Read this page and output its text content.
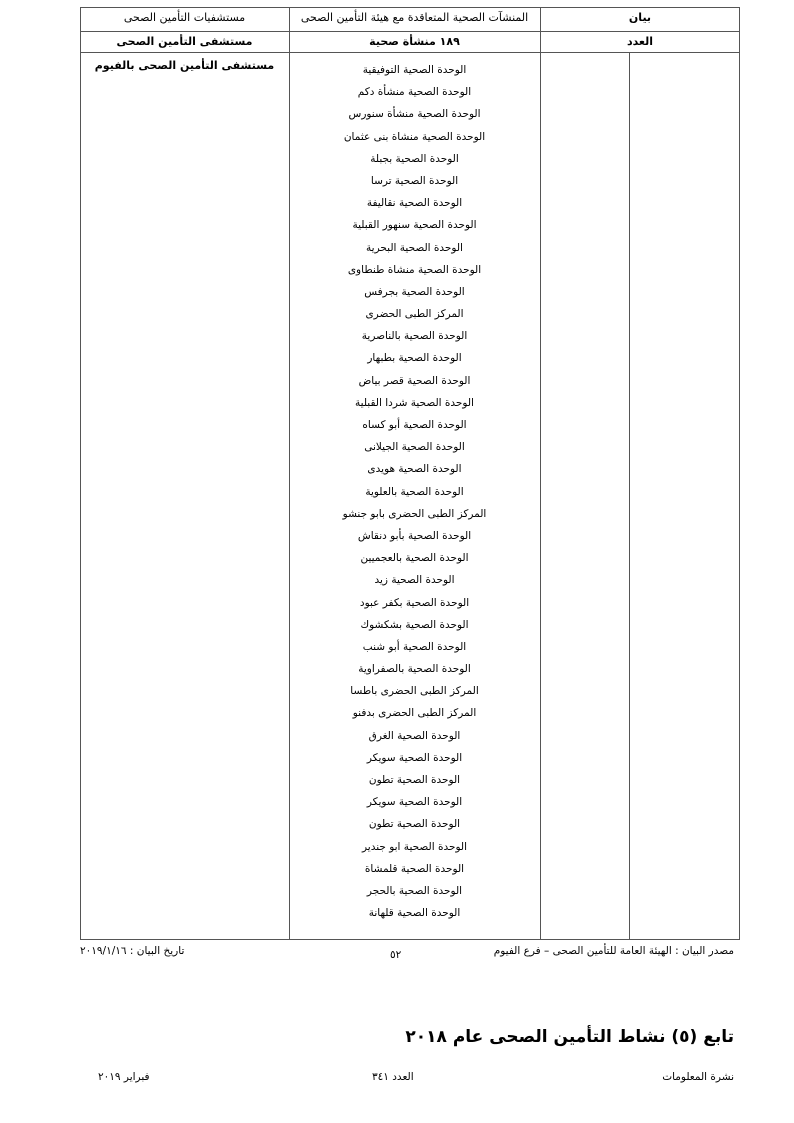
بيان
المنشآت الصحية المتعاقدة مع هيئة التأمين الصحى
مستشفيات التأمين الصحى
العدد
١٨٩ منشأة صحية
مستشفى التأمين الصحى
مستشفى التأمين الصحى بالفيوم	الوحدة الصحية التوفيقية
الوحدة الصحية منشأة دكم
الوحدة الصحية منشأة سنورس
الوحدة الصحية منشاة بنى عثمان
الوحدة الصحية بجبلة
الوحدة الصحية ترسا
الوحدة الصحية نقاليفة
الوحدة الصحية سنهور القبلية
الوحدة الصحية البحرية
الوحدة الصحية منشاة طنطاوى
الوحدة الصحية بجرفس
المركز الطبى الحضرى
الوحدة الصحية بالناصرية
الوحدة الصحية بطبهار
الوحدة الصحية قصر بياض
الوحدة الصحية شردا القبلية
الوحدة الصحية أبو كساه
الوحدة الصحية الجيلانى
الوحدة الصحية هويدى
الوحدة الصحية بالعلوية
المركز الطبى الحضرى بابو جنشو
الوحدة الصحية بأبو دنقاش
الوحدة الصحية بالعجميين
الوحدة الصحية زيد
الوحدة الصحية بكفر عبود
الوحدة الصحية بشكشوك
الوحدة الصحية أبو شنب
الوحدة الصحية بالصفراوية
المركز الطبى الحضرى باطسا
المركز الطبى الحضرى بدفنو
الوحدة الصحية الغرق
الوحدة الصحية سويكر
الوحدة الصحية تطون
الوحدة الصحية سويكر
الوحدة الصحية تطون
الوحدة الصحية ابو جندير
الوحدة الصحية قلمشاة
الوحدة الصحية بالحجر
الوحدة الصحية قلهانة
مصدر البيان : الهيئة العامة للتأمين الصحى – فرع الفيوم
٥٢
تاريخ البيان : ٢٠١٩/١/١٦
تابع (٥) نشاط التأمين الصحى عام ٢٠١٨
نشرة المعلومات
العدد ٣٤١
فبراير ٢٠١٩
